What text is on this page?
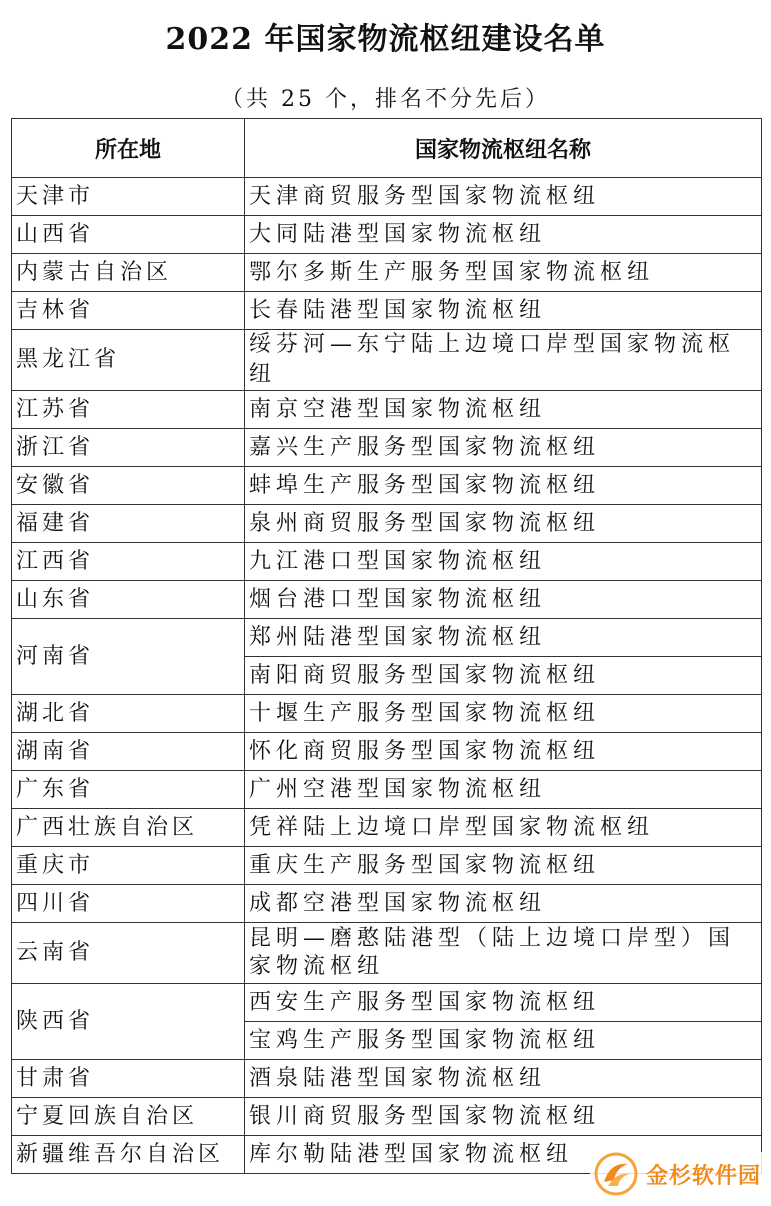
2022 年国家物流枢纽建设名单
（共 25 个，排名不分先后）
所在地	国家物流枢纽名称
天津市	天津商贸服务型国家物流枢纽
山西省	大同陆港型国家物流枢纽
内蒙古自治区	鄂尔多斯生产服务型国家物流枢纽
吉林省	长春陆港型国家物流枢纽
黑龙江省	绥芬河—东宁陆上边境口岸型国家物流枢纽
江苏省	南京空港型国家物流枢纽
浙江省	嘉兴生产服务型国家物流枢纽
安徽省	蚌埠生产服务型国家物流枢纽
福建省	泉州商贸服务型国家物流枢纽
江西省	九江港口型国家物流枢纽
山东省	烟台港口型国家物流枢纽
河南省	郑州陆港型国家物流枢纽
	南阳商贸服务型国家物流枢纽
湖北省	十堰生产服务型国家物流枢纽
湖南省	怀化商贸服务型国家物流枢纽
广东省	广州空港型国家物流枢纽
广西壮族自治区	凭祥陆上边境口岸型国家物流枢纽
重庆市	重庆生产服务型国家物流枢纽
四川省	成都空港型国家物流枢纽
云南省	昆明—磨憨陆港型（陆上边境口岸型）国家物流枢纽
陕西省	西安生产服务型国家物流枢纽
	宝鸡生产服务型国家物流枢纽
甘肃省	酒泉陆港型国家物流枢纽
宁夏回族自治区	银川商贸服务型国家物流枢纽
新疆维吾尔自治区	库尔勒陆港型国家物流枢纽
金杉软件园
